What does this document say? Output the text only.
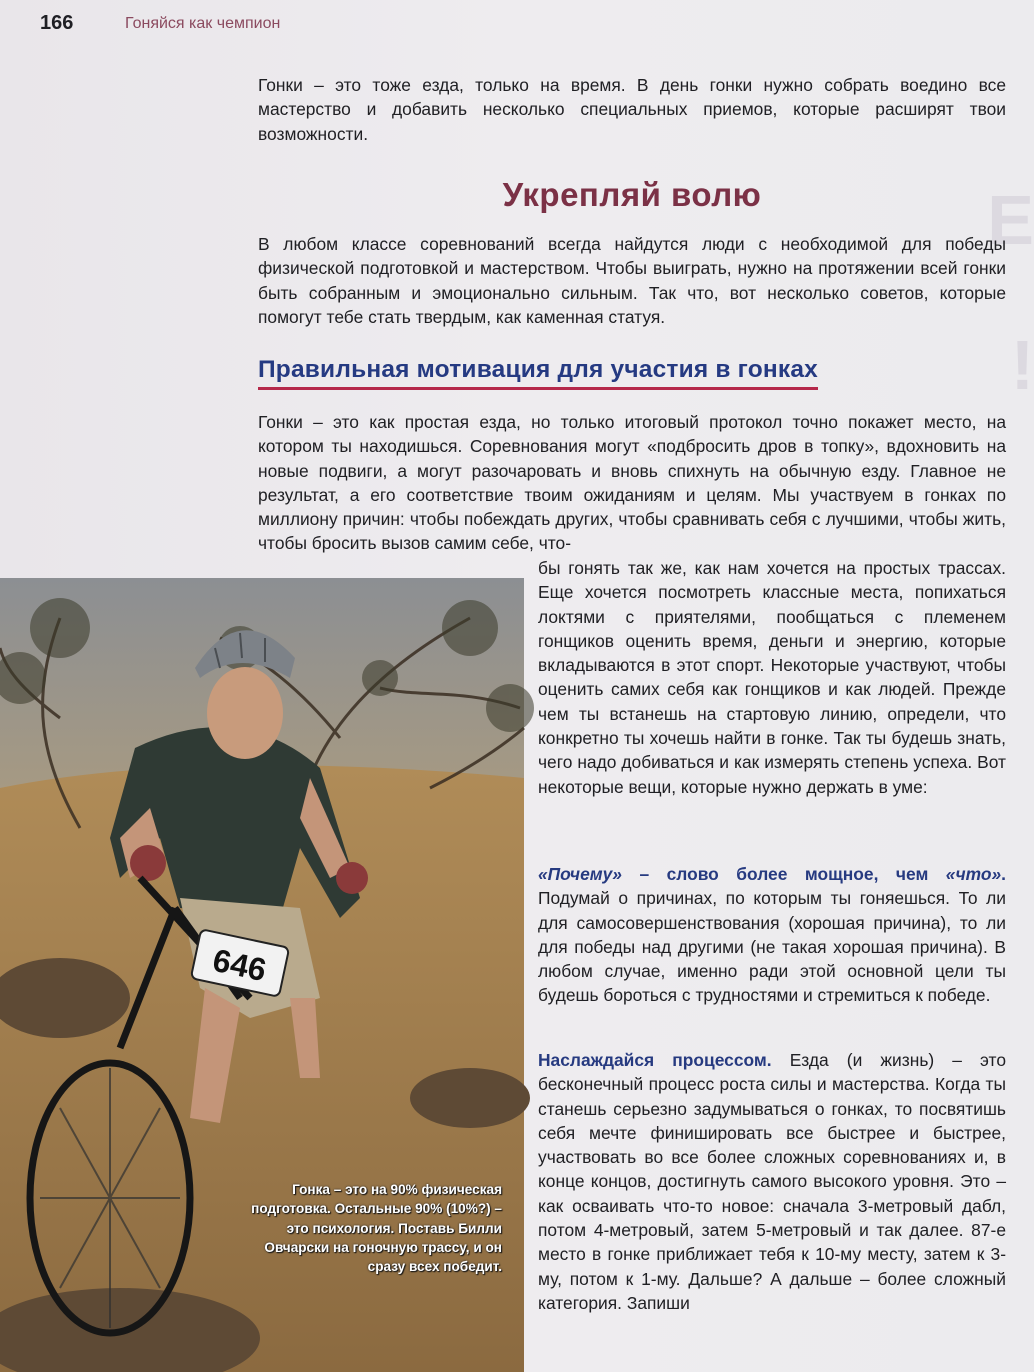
E
!
166	Гоняйся как чемпион
Гонки – это тоже езда, только на время. В день гонки нужно собрать воедино все мастерство и добавить несколько специальных приемов, которые расширят твои возможности.
Укрепляй волю
В любом классе соревнований всегда найдутся люди с необходимой для победы физической подготовкой и мастерством. Чтобы выиграть, нужно на протяжении всей гонки быть собранным и эмоционально сильным. Так что, вот несколько советов, которые помогут тебе стать твердым, как каменная статуя.
Правильная мотивация для участия в гонках
Гонки – это как простая езда, но только итоговый протокол точно покажет место, на котором ты находишься. Соревнования могут «подбросить дров в топку», вдохновить на новые подвиги, а могут разочаровать и вновь спихнуть на обычную езду. Главное не результат, а его соответствие твоим ожиданиям и целям. Мы участвуем в гонках по миллиону причин: чтобы побеждать других, чтобы сравнивать себя с лучшими, чтобы жить, чтобы бросить вызов самим себе, что-
бы гонять так же, как нам хочется на простых трассах. Еще хочется посмотреть классные места, попихаться локтями с приятелями, пообщаться с племенем гонщиков оценить время, деньги и энергию, которые вкладываются в этот спорт. Некоторые участвуют, чтобы оценить самих себя как гонщиков и как людей. Прежде чем ты встанешь на стартовую линию, определи, что конкретно ты хочешь найти в гонке. Так ты будешь знать, чего надо добиваться и как измерять степень успеха. Вот некоторые вещи, которые нужно держать в уме:
«Почему» – слово более мощное, чем «что». Подумай о причинах, по которым ты гоняешься. То ли для самосовершенствования (хорошая причина), то ли для победы над другими (не такая хорошая причина). В любом случае, именно ради этой основной цели ты будешь бороться с трудностями и стремиться к победе.
Наслаждайся процессом. Езда (и жизнь) – это бесконечный процесс роста силы и мастерства. Когда ты станешь серьезно задумываться о гонках, то посвятишь себя мечте финишировать все быстрее и быстрее, участвовать во все более сложных соревнованиях и, в конце концов, достигнуть самого высокого уровня. Это – как осваивать что-то новое: сначала 3-метровый дабл, потом 4-метровый, затем 5-метровый и так далее. 87-е место в гонке приближает тебя к 10-му месту, затем к 3-му, потом к 1-му. Дальше? А дальше – более сложный категория. Запиши
646
Гонка – это на 90% физическая подготовка. Остальные 90% (10%?) – это психология. Поставь Билли Овчарски на гоночную трассу, и он сразу всех победит.
